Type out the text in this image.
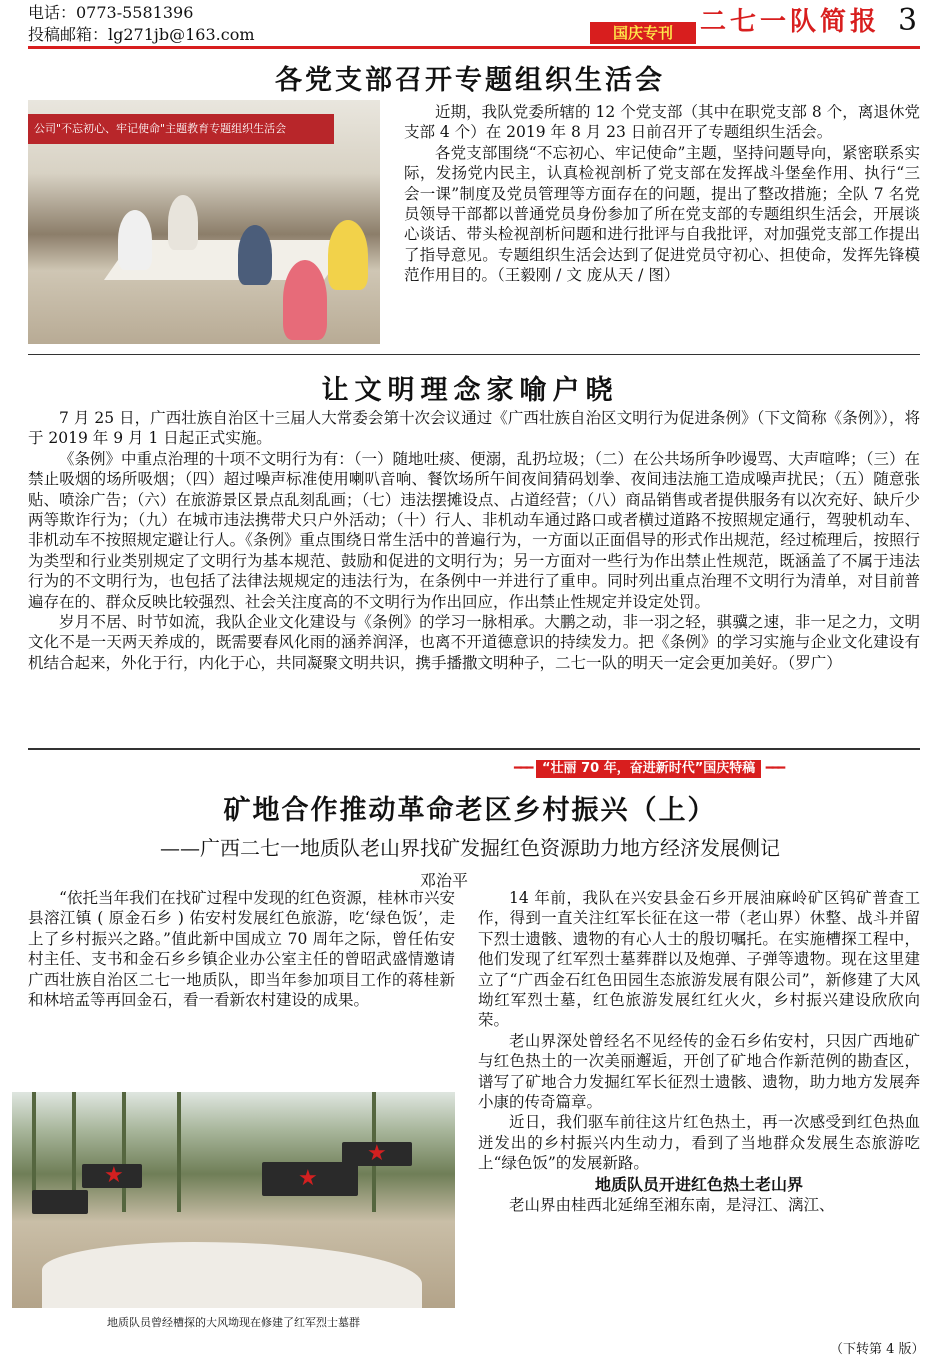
电话：0773-5581396
投稿邮箱：lg271jb@163.com	国庆专刊	二七一队简报 3
各党支部召开专题组织生活会
公司"不忘初心、牢记使命"主题教育专题组织生活会

近期，我队党委所辖的 12 个党支部（其中在职党支部 8 个，离退休党支部 4 个）在 2019 年 8 月 23 日前召开了专题组织生活会。

各党支部围绕“不忘初心、牢记使命”主题，坚持问题导向，紧密联系实际，发扬党内民主，认真检视剖析了党支部在发挥战斗堡垒作用、执行“三会一课”制度及党员管理等方面存在的问题，提出了整改措施；全队 7 名党员领导干部都以普通党员身份参加了所在党支部的专题组织生活会，开展谈心谈话、带头检视剖析问题和进行批评与自我批评，对加强党支部工作提出了指导意见。专题组织生活会达到了促进党员守初心、担使命，发挥先锋模范作用目的。（王毅刚 / 文 庞从天 / 图）

让文明理念家喻户晓

7 月 25 日，广西壮族自治区十三届人大常委会第十次会议通过《广西壮族自治区文明行为促进条例》（下文简称《条例》），将于 2019 年 9 月 1 日起正式实施。

《条例》中重点治理的十项不文明行为有：（一）随地吐痰、便溺，乱扔垃圾；（二）在公共场所争吵谩骂、大声喧哗；（三）在禁止吸烟的场所吸烟；（四）超过噪声标准使用喇叭音响、餐饮场所午间夜间猜码划拳、夜间违法施工造成噪声扰民；（五）随意张贴、喷涂广告；（六）在旅游景区景点乱刻乱画；（七）违法摆摊设点、占道经营；（八）商品销售或者提供服务有以次充好、缺斤少两等欺诈行为；（九）在城市违法携带犬只户外活动；（十）行人、非机动车通过路口或者横过道路不按照规定通行，驾驶机动车、非机动车不按照规定避让行人。《条例》重点围绕日常生活中的普遍行为，一方面以正面倡导的形式作出规范，经过梳理后，按照行为类型和行业类别规定了文明行为基本规范、鼓励和促进的文明行为；另一方面对一些行为作出禁止性规范，既涵盖了不属于违法行为的不文明行为，也包括了法律法规规定的违法行为，在条例中一并进行了重申。同时列出重点治理不文明行为清单，对目前普遍存在的、群众反映比较强烈、社会关注度高的不文明行为作出回应，作出禁止性规定并设定处罚。

岁月不居、时节如流，我队企业文化建设与《条例》的学习一脉相承。大鹏之动，非一羽之轻，骐骥之速，非一足之力，文明文化不是一天两天养成的，既需要春风化雨的涵养润泽，也离不开道德意识的持续发力。把《条例》的学习实施与企业文化建设有机结合起来，外化于行，内化于心，共同凝聚文明共识，携手播撒文明种子，二七一队的明天一定会更加美好。（罗广）

━━━ “壮丽 70 年，奋进新时代”国庆特稿 ━━━
矿地合作推动革命老区乡村振兴（上）
——广西二七一地质队老山界找矿发掘红色资源助力地方经济发展侧记
邓治平

“依托当年我们在找矿过程中发现的红色资源，桂林市兴安县溶江镇 ( 原金石乡 ) 佑安村发展红色旅游，吃‘绿色饭’，走上了乡村振兴之路。”值此新中国成立 70 周年之际，曾任佑安村主任、支书和金石乡乡镇企业办公室主任的曾昭武盛情邀请广西壮族自治区二七一地质队，即当年参加项目工作的蒋桂新和林培孟等再回金石，看一看新农村建设的成果。

★	★
★
地质队员曾经槽探的大风坳现在修建了红军烈士墓群

14 年前，我队在兴安县金石乡开展油麻岭矿区钨矿普查工作，得到一直关注红军长征在这一带（老山界）休整、战斗并留下烈士遗骸、遗物的有心人士的殷切嘱托。在实施槽探工程中，他们发现了红军烈士墓葬群以及炮弹、子弹等遗物。现在这里建立了“广西金石红色田园生态旅游发展有限公司”，新修建了大风坳红军烈士墓，红色旅游发展红红火火，乡村振兴建设欣欣向荣。

老山界深处曾经名不见经传的金石乡佑安村，只因广西地矿与红色热土的一次美丽邂逅，开创了矿地合作新范例的勘查区，谱写了矿地合力发掘红军长征烈士遗骸、遗物，助力地方发展奔小康的传奇篇章。

近日，我们驱车前往这片红色热土，再一次感受到红色热血迸发出的乡村振兴内生动力，看到了当地群众发展生态旅游吃上“绿色饭”的发展新路。

地质队员开进红色热土老山界

老山界由桂西北延绵至湘东南，是浔江、漓江、

（下转第 4 版）
